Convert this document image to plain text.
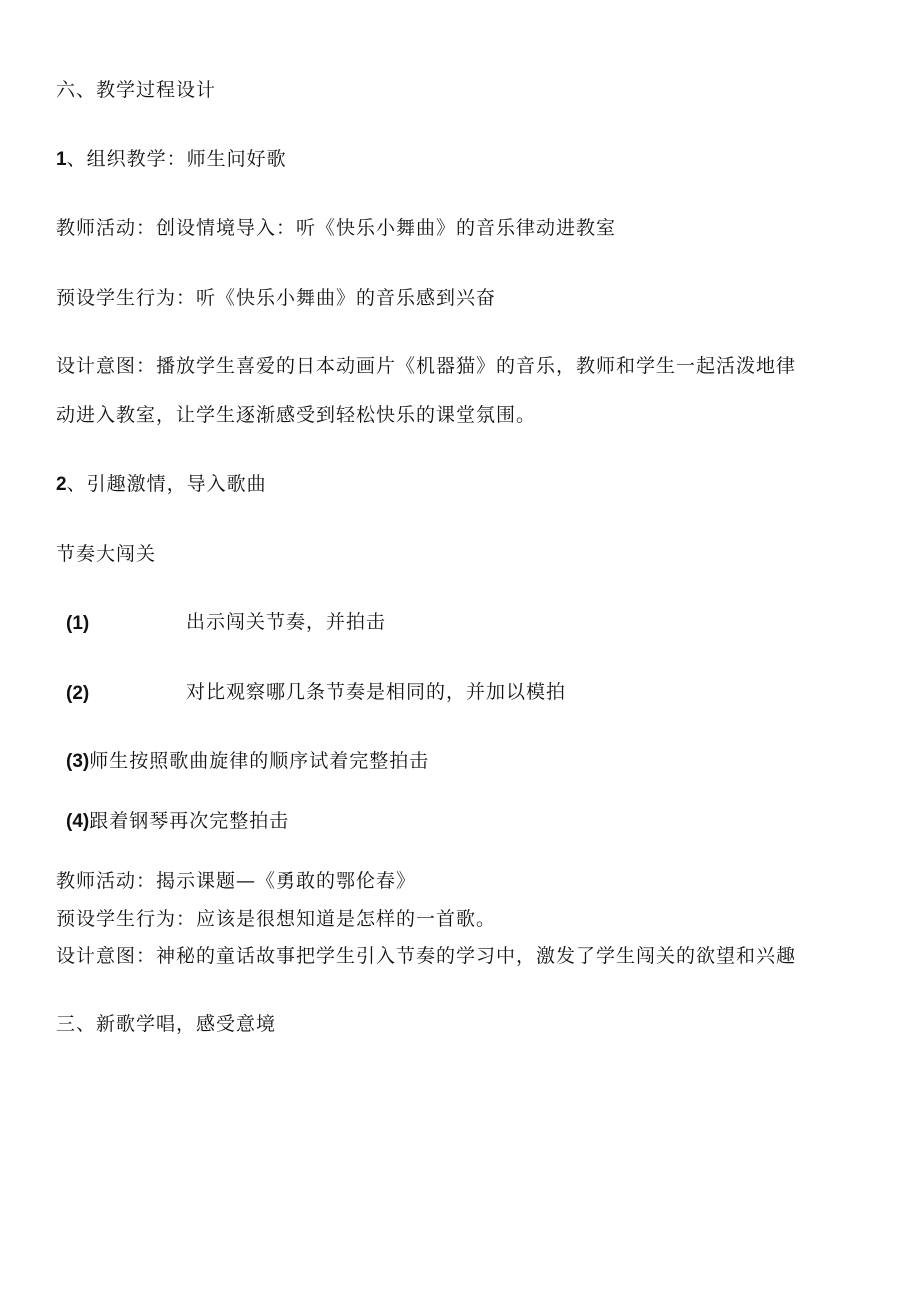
六、教学过程设计
1、组织教学：师生问好歌
教师活动：创设情境导入：听《快乐小舞曲》的音乐律动进教室
预设学生行为：听《快乐小舞曲》的音乐感到兴奋
设计意图：播放学生喜爱的日本动画片《机器猫》的音乐，教师和学生一起活泼地律
动进入教室，让学生逐渐感受到轻松快乐的课堂氛围。
2、引趣激情，导入歌曲
节奏大闯关
(1)	出示闯关节奏，并拍击
(2)	对比观察哪几条节奏是相同的，并加以模拍
(3)师生按照歌曲旋律的顺序试着完整拍击
(4)跟着钢琴再次完整拍击
教师活动：揭示课题—《勇敢的鄂伦春》
预设学生行为：应该是很想知道是怎样的一首歌。
设计意图：神秘的童话故事把学生引入节奏的学习中，激发了学生闯关的欲望和兴趣
三、新歌学唱，感受意境
